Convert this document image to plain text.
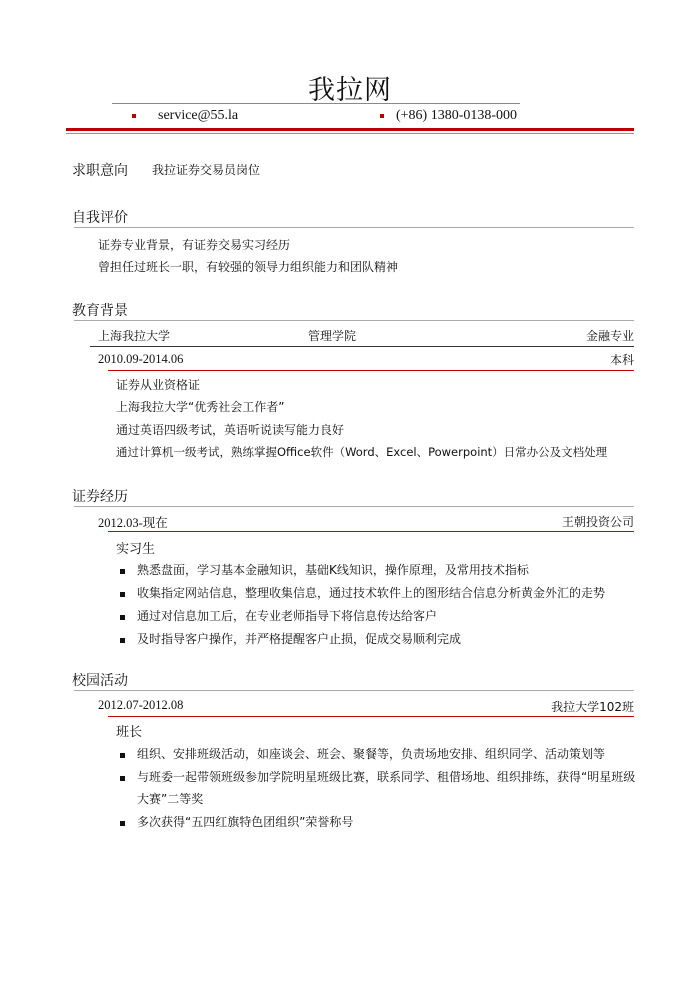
我拉网
service@55.la	(+86) 1380-0138-000
求职意向 我拉证券交易员岗位
自我评价
证券专业背景，有证券交易实习经历
曾担任过班长一职，有较强的领导力组织能力和团队精神
教育背景
上海我拉大学	管理学院	金融专业
2010.09-2014.06	本科
证券从业资格证
上海我拉大学“优秀社会工作者”
通过英语四级考试，英语听说读写能力良好
通过计算机一级考试，熟练掌握Office软件（Word、Excel、Powerpoint）日常办公及文档处理
证券经历
2012.03-现在	王朝投资公司
实习生
熟悉盘面，学习基本金融知识，基础K线知识，操作原理，及常用技术指标
收集指定网站信息，整理收集信息，通过技术软件上的图形结合信息分析黄金外汇的走势
通过对信息加工后，在专业老师指导下将信息传达给客户
及时指导客户操作，并严格提醒客户止损，促成交易顺利完成
校园活动
2012.07-2012.08	我拉大学102班
班长
组织、安排班级活动，如座谈会、班会、聚餐等，负责场地安排、组织同学、活动策划等
与班委一起带领班级参加学院明星班级比赛，联系同学、租借场地、组织排练，获得“明星班级大赛”二等奖
多次获得“五四红旗特色团组织”荣誉称号
